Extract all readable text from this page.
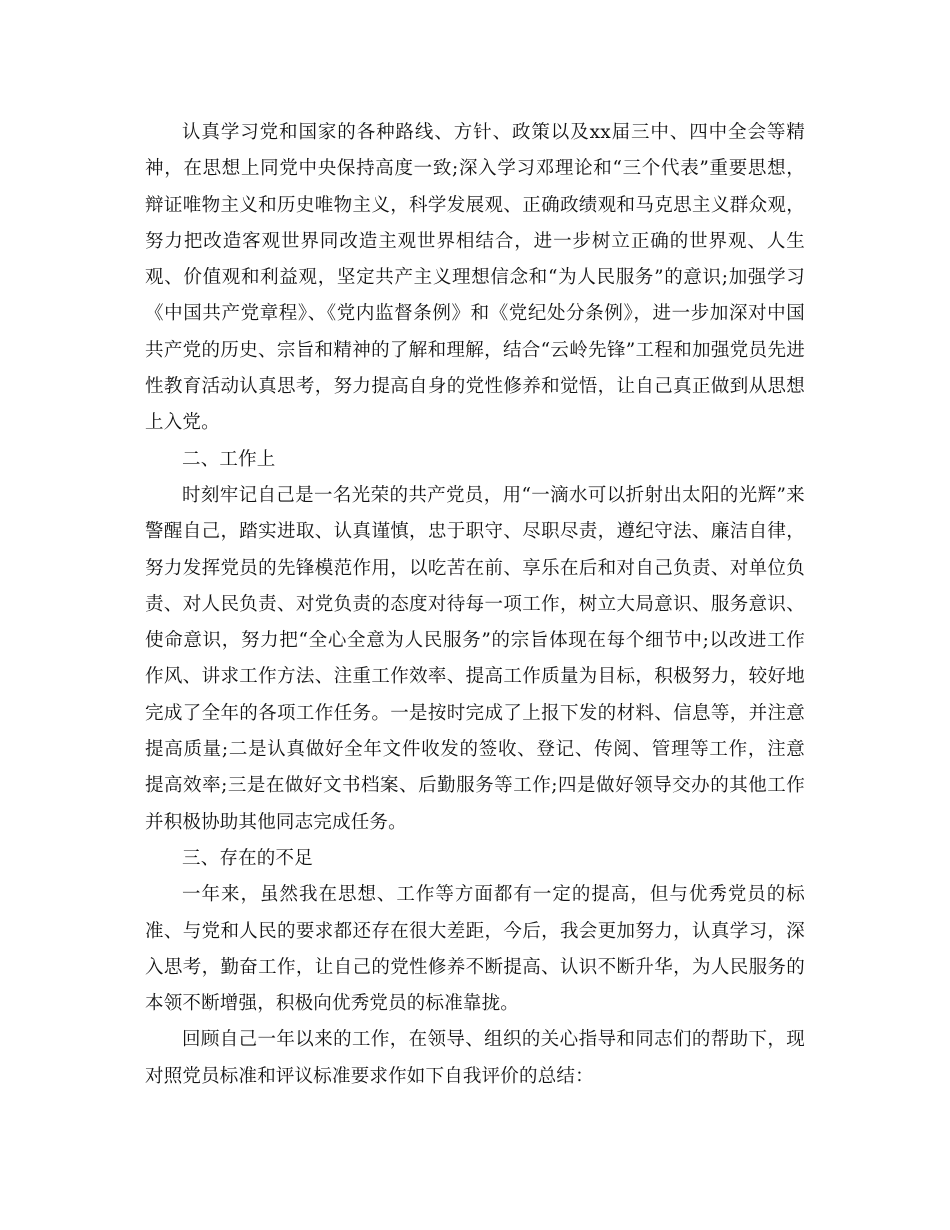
认真学习党和国家的各种路线、方针、政策以及xx届三中、四中全会等精神，在思想上同党中央保持高度一致;深入学习邓理论和“三个代表”重要思想，辩证唯物主义和历史唯物主义，科学发展观、正确政绩观和马克思主义群众观，努力把改造客观世界同改造主观世界相结合，进一步树立正确的世界观、人生观、价值观和利益观，坚定共产主义理想信念和“为人民服务”的意识;加强学习《中国共产党章程》、《党内监督条例》和《党纪处分条例》，进一步加深对中国共产党的历史、宗旨和精神的了解和理解，结合“云岭先锋”工程和加强党员先进性教育活动认真思考，努力提高自身的党性修养和觉悟，让自己真正做到从思想上入党。

二、工作上

时刻牢记自己是一名光荣的共产党员，用“一滴水可以折射出太阳的光辉”来警醒自己，踏实进取、认真谨慎，忠于职守、尽职尽责，遵纪守法、廉洁自律，努力发挥党员的先锋模范作用，以吃苦在前、享乐在后和对自己负责、对单位负责、对人民负责、对党负责的态度对待每一项工作，树立大局意识、服务意识、使命意识，努力把“全心全意为人民服务”的宗旨体现在每个细节中;以改进工作作风、讲求工作方法、注重工作效率、提高工作质量为目标，积极努力，较好地完成了全年的各项工作任务。一是按时完成了上报下发的材料、信息等，并注意提高质量;二是认真做好全年文件收发的签收、登记、传阅、管理等工作，注意提高效率;三是在做好文书档案、后勤服务等工作;四是做好领导交办的其他工作并积极协助其他同志完成任务。

三、存在的不足

一年来，虽然我在思想、工作等方面都有一定的提高，但与优秀党员的标准、与党和人民的要求都还存在很大差距，今后，我会更加努力，认真学习，深入思考，勤奋工作，让自己的党性修养不断提高、认识不断升华，为人民服务的本领不断增强，积极向优秀党员的标准靠拢。

回顾自己一年以来的工作，在领导、组织的关心指导和同志们的帮助下，现对照党员标准和评议标准要求作如下自我评价的总结：
